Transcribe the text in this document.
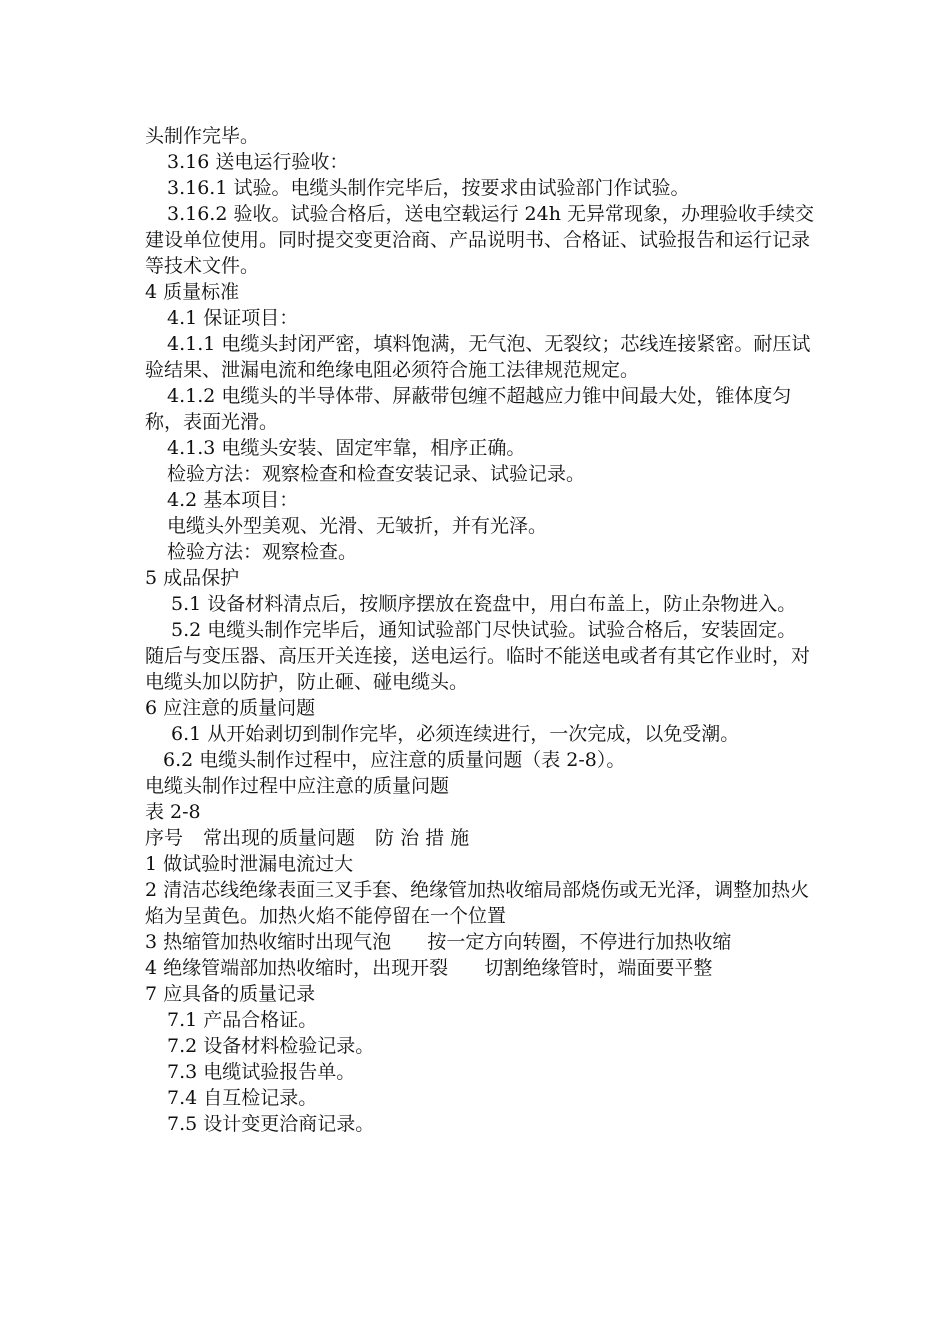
头制作完毕。

3.16 送电运行验收：

3.16.1 试验。电缆头制作完毕后，按要求由试验部门作试验。

3.16.2 验收。试验合格后，送电空载运行 24h 无异常现象，办理验收手续交建设单位使用。同时提交变更洽商、产品说明书、合格证、试验报告和运行记录等技术文件。

4 质量标准

4.1 保证项目：

4.1.1 电缆头封闭严密，填料饱满，无气泡、无裂纹；芯线连接紧密。耐压试验结果、泄漏电流和绝缘电阻必须符合施工法律规范规定。

4.1.2 电缆头的半导体带、屏蔽带包缠不超越应力锥中间最大处，锥体度匀称，表面光滑。

4.1.3 电缆头安装、固定牢靠，相序正确。

检验方法：观察检查和检查安装记录、试验记录。

4.2 基本项目：

电缆头外型美观、光滑、无皱折，并有光泽。

检验方法：观察检查。

5 成品保护

5.1 设备材料清点后，按顺序摆放在瓷盘中，用白布盖上，防止杂物进入。

5.2 电缆头制作完毕后，通知试验部门尽快试验。试验合格后，安装固定。

随后与变压器、高压开关连接，送电运行。临时不能送电或者有其它作业时，对电缆头加以防护，防止砸、碰电缆头。

6 应注意的质量问题

6.1 从开始剥切到制作完毕，必须连续进行，一次完成，以免受潮。

6.2 电缆头制作过程中，应注意的质量问题（表 2-8）。

电缆头制作过程中应注意的质量问题

表 2-8

序号 常出现的质量问题 防 治 措 施

1 做试验时泄漏电流过大

2 清洁芯线绝缘表面三叉手套、绝缘管加热收缩局部烧伤或无光泽，调整加热火焰为呈黄色。加热火焰不能停留在一个位置

3 热缩管加热收缩时出现气泡      按一定方向转圈，不停进行加热收缩

4 绝缘管端部加热收缩时，出现开裂      切割绝缘管时，端面要平整

7 应具备的质量记录

7.1 产品合格证。

7.2 设备材料检验记录。

7.3 电缆试验报告单。

7.4 自互检记录。

7.5 设计变更洽商记录。
